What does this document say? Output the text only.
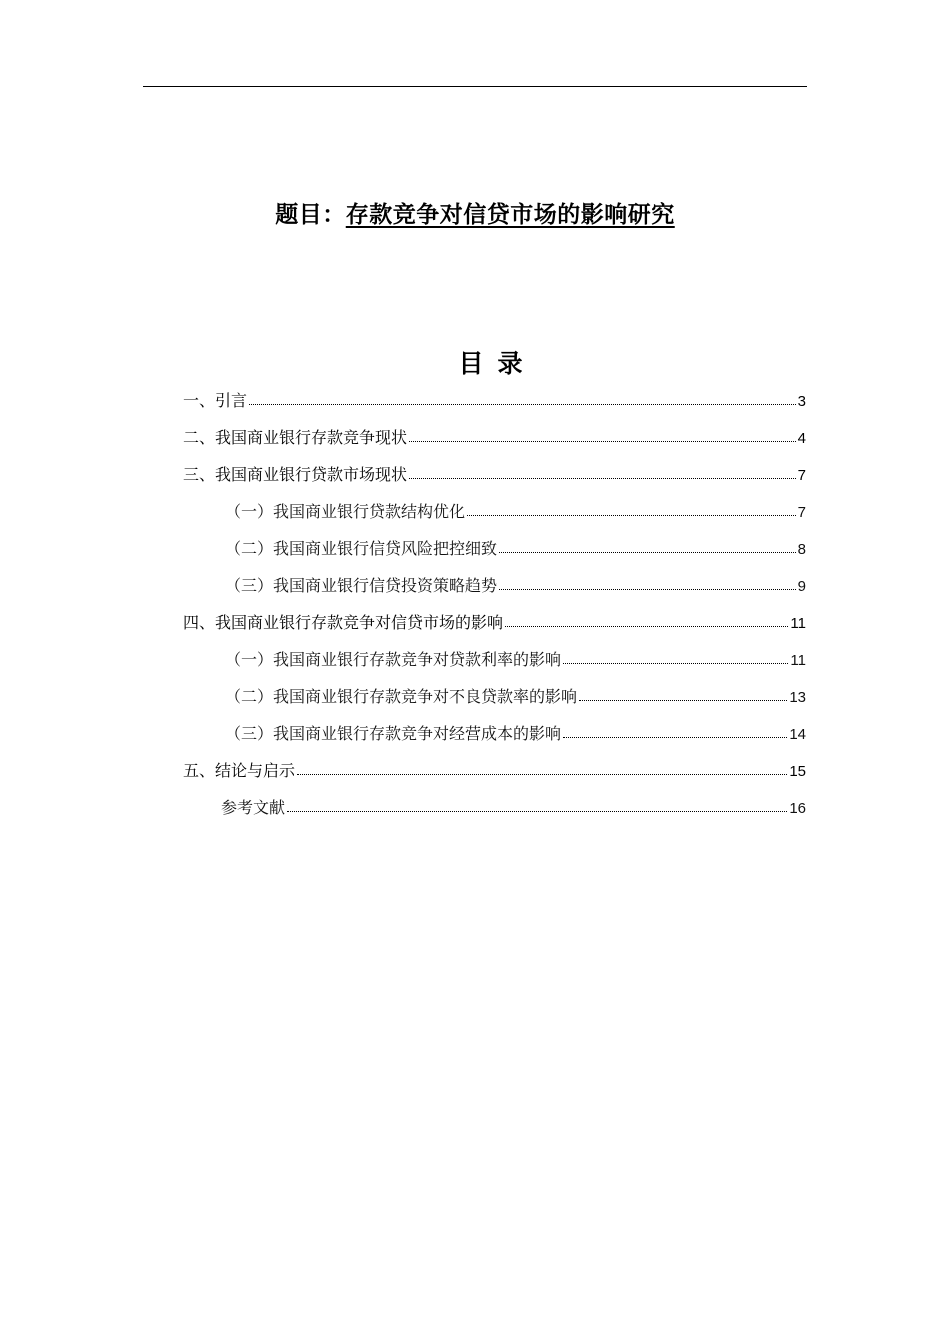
题目：存款竞争对信贷市场的影响研究
目录
一、引言	3
二、我国商业银行存款竞争现状	4
三、我国商业银行贷款市场现状	7
（一）我国商业银行贷款结构优化	7
（二）我国商业银行信贷风险把控细致	8
（三）我国商业银行信贷投资策略趋势	9
四、我国商业银行存款竞争对信贷市场的影响	11
（一）我国商业银行存款竞争对贷款利率的影响	11
（二）我国商业银行存款竞争对不良贷款率的影响	13
（三）我国商业银行存款竞争对经营成本的影响	14
五、结论与启示	15
参考文献	16
